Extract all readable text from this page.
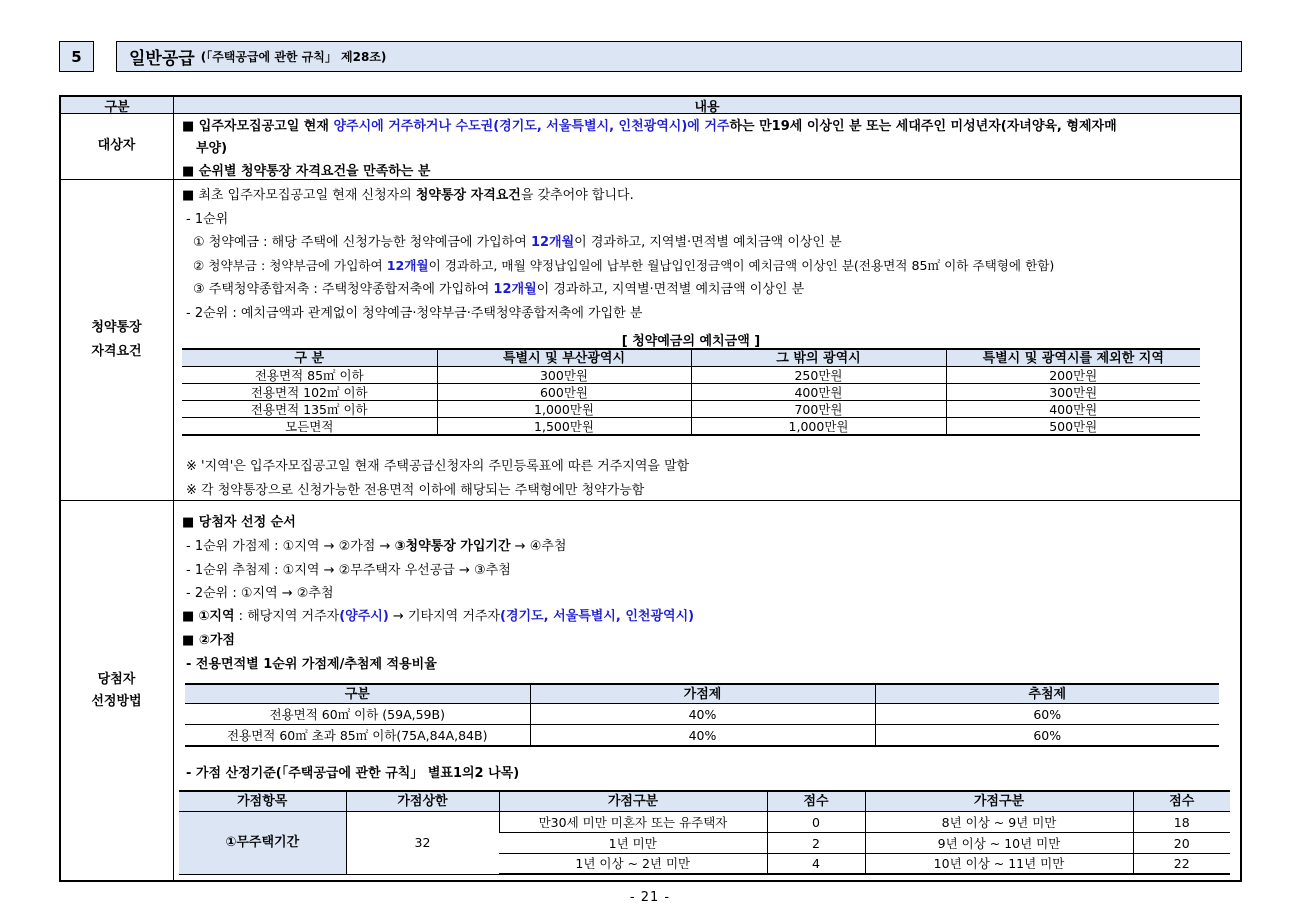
5	일반공급 (「주택공급에 관한 규칙」 제28조)
구분	내용
대상자
■ 입주자모집공고일 현재 양주시에 거주하거나 수도권(경기도, 서울특별시, 인천광역시)에 거주하는 만19세 이상인 분 또는 세대주인 미성년자(자녀양육, 형제자매
부양)
■ 순위별 청약통장 자격요건을 만족하는 분
청약통장
자격요건
■ 최초 입주자모집공고일 현재 신청자의 청약통장 자격요건을 갖추어야 합니다.
- 1순위
① 청약예금 : 해당 주택에 신청가능한 청약예금에 가입하여 12개월이 경과하고, 지역별·면적별 예치금액 이상인 분
② 청약부금 : 청약부금에 가입하여 12개월이 경과하고, 매월 약정납입일에 납부한 월납입인정금액이 예치금액 이상인 분(전용면적 85㎡ 이하 주택형에 한함)
③ 주택청약종합저축 : 주택청약종합저축에 가입하여 12개월이 경과하고, 지역별·면적별 예치금액 이상인 분
- 2순위 : 예치금액과 관계없이 청약예금·청약부금·주택청약종합저축에 가입한 분
[ 청약예금의 예치금액 ]
구 분	특별시 및 부산광역시	그 밖의 광역시	특별시 및 광역시를 제외한 지역
전용면적 85㎡ 이하	300만원	250만원	200만원
전용면적 102㎡ 이하	600만원	400만원	300만원
전용면적 135㎡ 이하	1,000만원	700만원	400만원
모든면적	1,500만원	1,000만원	500만원
※ '지역'은 입주자모집공고일 현재 주택공급신청자의 주민등록표에 따른 거주지역을 말함
※ 각 청약통장으로 신청가능한 전용면적 이하에 해당되는 주택형에만 청약가능함
당첨자
선정방법
■ 당첨자 선정 순서
- 1순위 가점제 : ①지역 → ②가점 → ③청약통장 가입기간 → ④추첨
- 1순위 추첨제 : ①지역 → ②무주택자 우선공급 → ③추첨
- 2순위 : ①지역 → ②추첨
■ ①지역 : 해당지역 거주자(양주시) → 기타지역 거주자(경기도, 서울특별시, 인천광역시)
■ ②가점
- 전용면적별 1순위 가점제/추첨제 적용비율
구분	가점제	추첨제
전용면적 60㎡ 이하 (59A,59B)	40%	60%
전용면적 60㎡ 초과 85㎡ 이하(75A,84A,84B)	40%	60%
- 가점 산정기준(「주택공급에 관한 규칙」 별표1의2 나목)
가점항목	가점상한	가점구분	점수	가점구분	점수
①무주택기간	32	만30세 미만 미혼자 또는 유주택자	0	8년 이상 ~ 9년 미만	18
		1년 미만	2	9년 이상 ~ 10년 미만	20
		1년 이상 ~ 2년 미만	4	10년 이상 ~ 11년 미만	22
- 21 -
